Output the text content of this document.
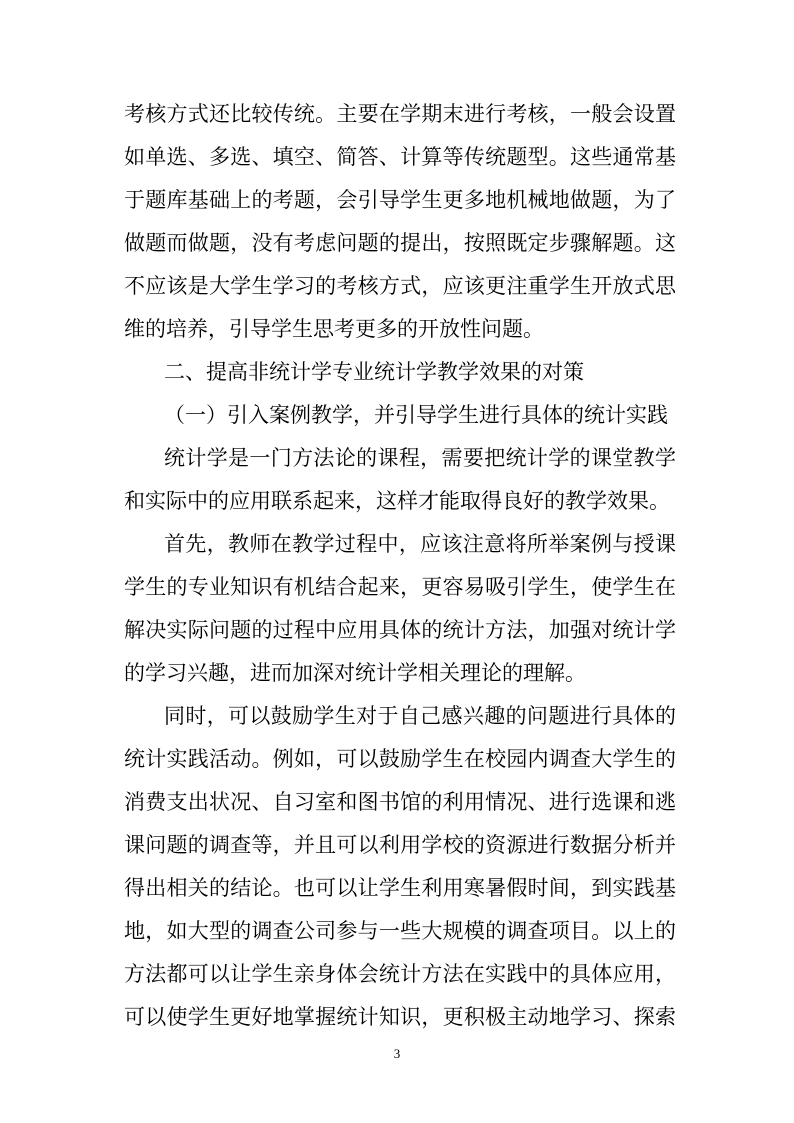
考核方式还比较传统。主要在学期末进行考核，一般会设置
如单选、多选、填空、简答、计算等传统题型。这些通常基
于题库基础上的考题，会引导学生更多地机械地做题，为了
做题而做题，没有考虑问题的提出，按照既定步骤解题。这
不应该是大学生学习的考核方式，应该更注重学生开放式思
维的培养，引导学生思考更多的开放性问题。
二、提高非统计学专业统计学教学效果的对策
（一）引入案例教学，并引导学生进行具体的统计实践
统计学是一门方法论的课程，需要把统计学的课堂教学
和实际中的应用联系起来，这样才能取得良好的教学效果。
首先，教师在教学过程中，应该注意将所举案例与授课
学生的专业知识有机结合起来，更容易吸引学生，使学生在
解决实际问题的过程中应用具体的统计方法，加强对统计学
的学习兴趣，进而加深对统计学相关理论的理解。
同时，可以鼓励学生对于自己感兴趣的问题进行具体的
统计实践活动。例如，可以鼓励学生在校园内调查大学生的
消费支出状况、自习室和图书馆的利用情况、进行选课和逃
课问题的调查等，并且可以利用学校的资源进行数据分析并
得出相关的结论。也可以让学生利用寒暑假时间，到实践基
地，如大型的调查公司参与一些大规模的调查项目。以上的
方法都可以让学生亲身体会统计方法在实践中的具体应用，
可以使学生更好地掌握统计知识，更积极主动地学习、探索
3
